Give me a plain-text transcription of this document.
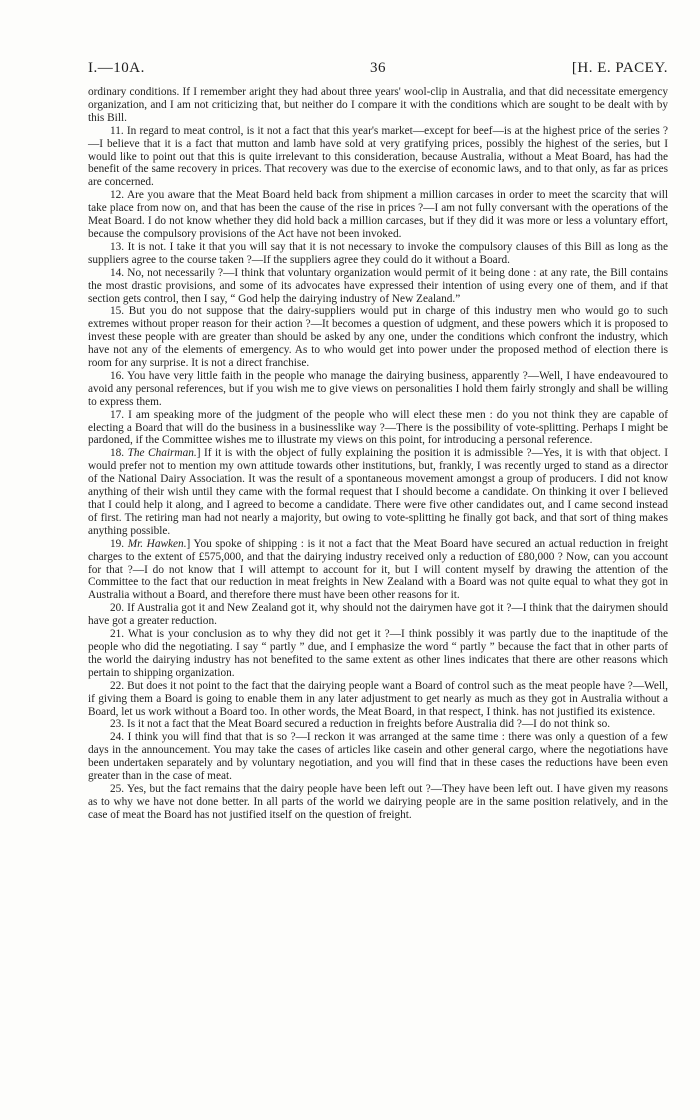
I.—10A.	36	[H. E. PACEY.

ordinary conditions. If I remember aright they had about three years' wool-clip in Australia, and that did necessitate emergency organization, and I am not criticizing that, but neither do I compare it with the conditions which are sought to be dealt with by this Bill.

11. In regard to meat control, is it not a fact that this year's market—except for beef—is at the highest price of the series ?—I believe that it is a fact that mutton and lamb have sold at very gratifying prices, possibly the highest of the series, but I would like to point out that this is quite irrelevant to this consideration, because Australia, without a Meat Board, has had the benefit of the same recovery in prices. That recovery was due to the exercise of economic laws, and to that only, as far as prices are concerned.

12. Are you aware that the Meat Board held back from shipment a million carcases in order to meet the scarcity that will take place from now on, and that has been the cause of the rise in prices ?—I am not fully conversant with the operations of the Meat Board. I do not know whether they did hold back a million carcases, but if they did it was more or less a voluntary effort, because the compulsory provisions of the Act have not been invoked.

13. It is not. I take it that you will say that it is not necessary to invoke the compulsory clauses of this Bill as long as the suppliers agree to the course taken ?—If the suppliers agree they could do it without a Board.

14. No, not necessarily ?—I think that voluntary organization would permit of it being done : at any rate, the Bill contains the most drastic provisions, and some of its advocates have expressed their intention of using every one of them, and if that section gets control, then I say, “ God help the dairying industry of New Zealand.”

15. But you do not suppose that the dairy-suppliers would put in charge of this industry men who would go to such extremes without proper reason for their action ?—It becomes a question of udgment, and these powers which it is proposed to invest these people with are greater than should be asked by any one, under the conditions which confront the industry, which have not any of the elements of emergency. As to who would get into power under the proposed method of election there is room for any surprise. It is not a direct franchise.

16. You have very little faith in the people who manage the dairying business, apparently ?—Well, I have endeavoured to avoid any personal references, but if you wish me to give views on personalities I hold them fairly strongly and shall be willing to express them.

17. I am speaking more of the judgment of the people who will elect these men : do you not think they are capable of electing a Board that will do the business in a businesslike way ?—There is the possibility of vote-splitting. Perhaps I might be pardoned, if the Committee wishes me to illustrate my views on this point, for introducing a personal reference.

18. The Chairman.] If it is with the object of fully explaining the position it is admissible ?—Yes, it is with that object. I would prefer not to mention my own attitude towards other institutions, but, frankly, I was recently urged to stand as a director of the National Dairy Association. It was the result of a spontaneous movement amongst a group of producers. I did not know anything of their wish until they came with the formal request that I should become a candidate. On thinking it over I believed that I could help it along, and I agreed to become a candidate. There were five other candidates out, and I came second instead of first. The retiring man had not nearly a majority, but owing to vote-splitting he finally got back, and that sort of thing makes anything possible.

19. Mr. Hawken.] You spoke of shipping : is it not a fact that the Meat Board have secured an actual reduction in freight charges to the extent of £575,000, and that the dairying industry received only a reduction of £80,000 ? Now, can you account for that ?—I do not know that I will attempt to account for it, but I will content myself by drawing the attention of the Committee to the fact that our reduction in meat freights in New Zealand with a Board was not quite equal to what they got in Australia without a Board, and therefore there must have been other reasons for it.

20. If Australia got it and New Zealand got it, why should not the dairymen have got it ?—I think that the dairymen should have got a greater reduction.

21. What is your conclusion as to why they did not get it ?—I think possibly it was partly due to the inaptitude of the people who did the negotiating. I say “ partly ” due, and I emphasize the word “ partly ” because the fact that in other parts of the world the dairying industry has not benefited to the same extent as other lines indicates that there are other reasons which pertain to shipping organization.

22. But does it not point to the fact that the dairying people want a Board of control such as the meat people have ?—Well, if giving them a Board is going to enable them in any later adjustment to get nearly as much as they got in Australia without a Board, let us work without a Board too. In other words, the Meat Board, in that respect, I think. has not justified its existence.

23. Is it not a fact that the Meat Board secured a reduction in freights before Australia did ?—I do not think so.

24. I think you will find that that is so ?—I reckon it was arranged at the same time : there was only a question of a few days in the announcement. You may take the cases of articles like casein and other general cargo, where the negotiations have been undertaken separately and by voluntary negotiation, and you will find that in these cases the reductions have been even greater than in the case of meat.

25. Yes, but the fact remains that the dairy people have been left out ?—They have been left out. I have given my reasons as to why we have not done better. In all parts of the world we dairying people are in the same position relatively, and in the case of meat the Board has not justified itself on the question of freight.
